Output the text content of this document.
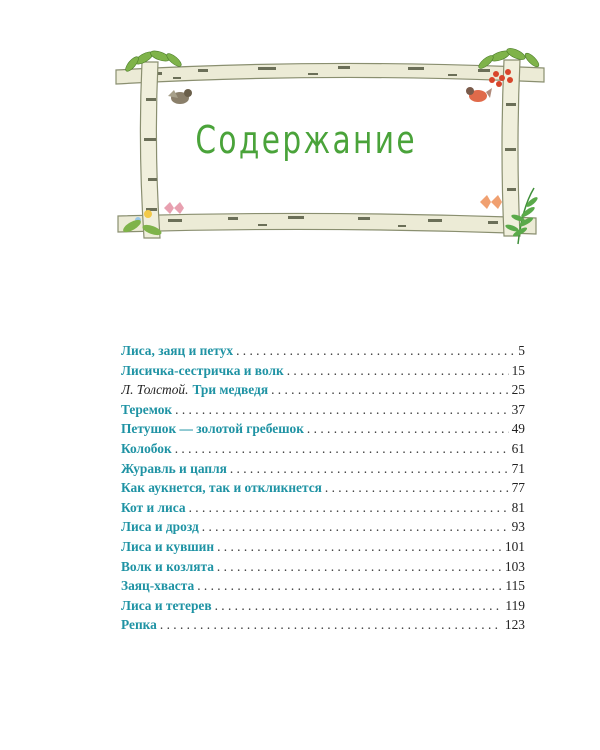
Содержание
Лиса, заяц и петух . . .	5
Лисичка-сестричка и волк . . .	15
Л. Толстой. Три медведя . . .	25
Теремок . . .	37
Петушок — золотой гребешок . . .	49
Колобок . . .	61
Журавль и цапля . . .	71
Как аукнется, так и откликнется . . .	77
Кот и лиса . . .	81
Лиса и дрозд . . .	93
Лиса и кувшин . . .	101
Волк и козлята . . .	103
Заяц-хваста . . .	115
Лиса и тетерев . . .	119
Репка . . .	123
